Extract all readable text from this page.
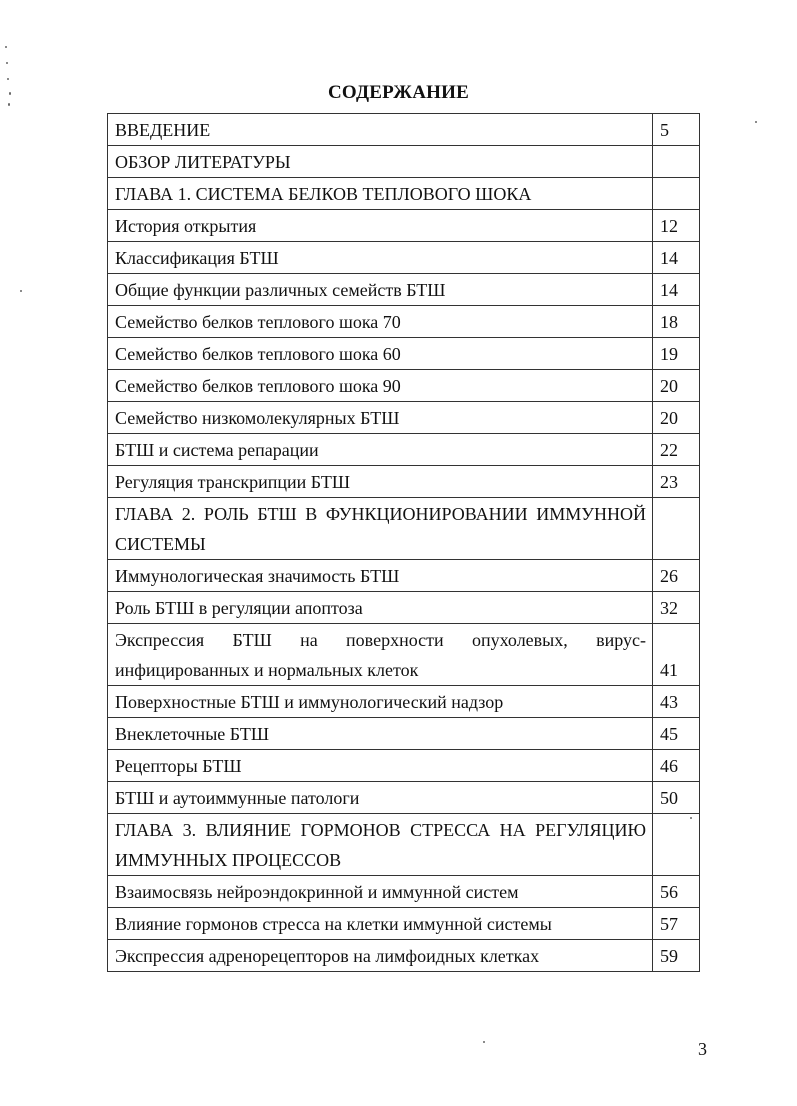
СОДЕРЖАНИЕ
ВВЕДЕНИЕ	5
ОБЗОР ЛИТЕРАТУРЫ	
ГЛАВА 1. СИСТЕМА БЕЛКОВ ТЕПЛОВОГО ШОКА	
История открытия	12
Классификация БТШ	14
Общие функции различных семейств БТШ	14
Семейство белков теплового шока 70	18
Семейство белков теплового шока 60	19
Семейство белков теплового шока 90	20
Семейство низкомолекулярных БТШ	20
БТШ и система репарации	22
Регуляция транскрипции БТШ	23
ГЛАВА 2. РОЛЬ БТШ В ФУНКЦИОНИРОВАНИИ ИММУННОЙ СИСТЕМЫ	
Иммунологическая значимость БТШ	26
Роль БТШ в регуляции апоптоза	32
Экспрессия БТШ на поверхности опухолевых, вирус-инфицированных и нормальных клеток	41
Поверхностные БТШ и иммунологический надзор	43
Внеклеточные БТШ	45
Рецепторы БТШ	46
БТШ и аутоиммунные патологи	50
ГЛАВА 3. ВЛИЯНИЕ ГОРМОНОВ СТРЕССА НА РЕГУЛЯЦИЮ ИММУННЫХ ПРОЦЕССОВ	
Взаимосвязь нейроэндокринной и иммунной систем	56
Влияние гормонов стресса на клетки иммунной системы	57
Экспрессия адренорецепторов на лимфоидных клетках	59
3
